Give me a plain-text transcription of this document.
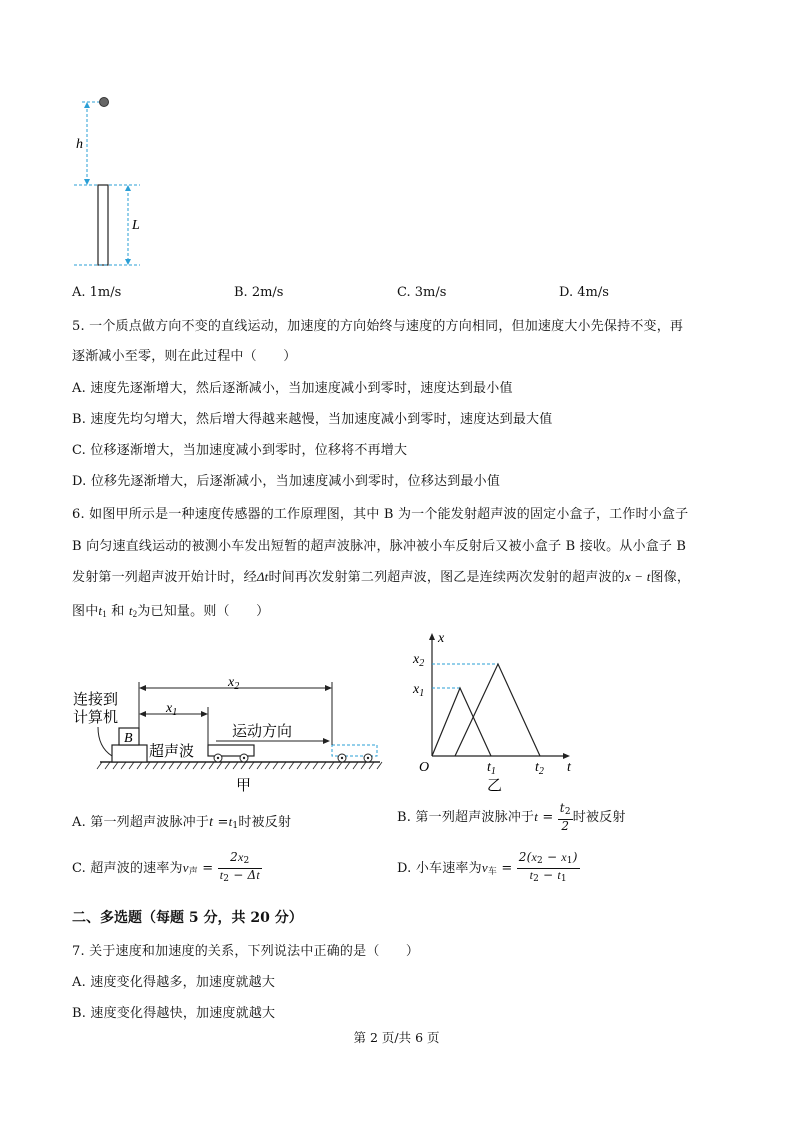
h
L
A. 1m/s	B. 2m/s	C. 3m/s	D. 4m/s
5. 一个质点做方向不变的直线运动，加速度的方向始终与速度的方向相同，但加速度大小先保持不变，再
逐渐减小至零，则在此过程中（　　）
A. 速度先逐渐增大，然后逐渐减小，当加速度减小到零时，速度达到最小值
B. 速度先均匀增大，然后增大得越来越慢，当加速度减小到零时，速度达到最大值
C. 位移逐渐增大，当加速度减小到零时，位移将不再增大
D. 位移先逐渐增大，后逐渐减小，当加速度减小到零时，位移达到最小值
6. 如图甲所示是一种速度传感器的工作原理图，其中 B 为一个能发射超声波的固定小盒子，工作时小盒子
B 向匀速直线运动的被测小车发出短暂的超声波脉冲，脉冲被小车反射后又被小盒子 B 接收。从小盒子 B
发射第一列超声波开始计时，经Δt时间再次发射第二列超声波，图乙是连续两次发射的超声波的x − t图像，
图中$t_1$ 和 $t_2$为已知量。则（　　）
B
连接到
计算机
超声波
$x_2$
$x_1$
运动方向
甲
x
t
O
$x_2$
$x_1$
$t_1$	$t_2$
乙
A. 第一列超声波脉冲于$t =t_1$时被反射	B. 第一列超声波脉冲于$t = \frac{t_2}{2}$ 时被反射
C. 超声波的速率为$v_声 = \frac{2x_2}{t_2 - \Delta t}$	D. 小车速率为$v_车 = \frac{2(x_2 - x_1)}{t_2 - t_1}$
二、多选题（每题 5 分，共 20 分）
7. 关于速度和加速度的关系，下列说法中正确的是（　　）
A. 速度变化得越多，加速度就越大
B. 速度变化得越快，加速度就越大
第 2 页/共 6 页
